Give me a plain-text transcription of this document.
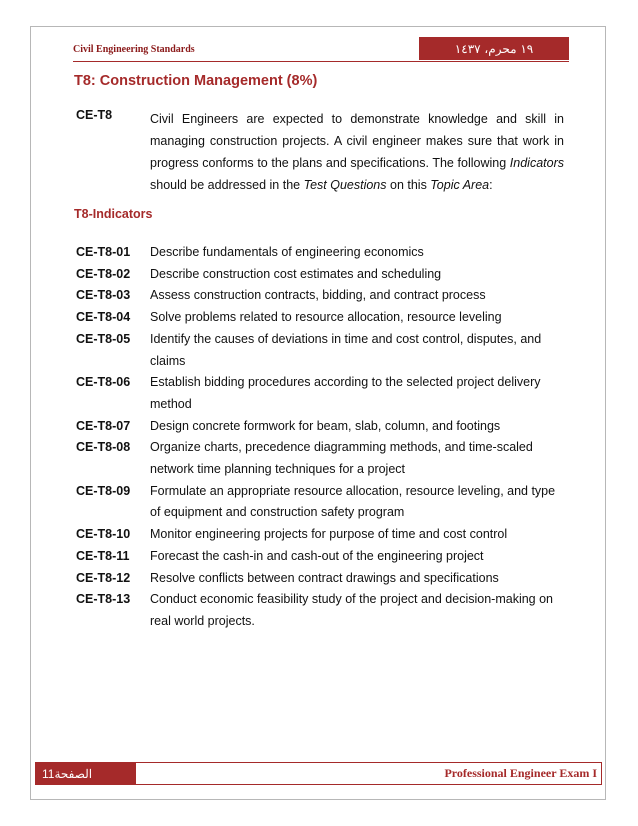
Civil Engineering Standards	١٩ محرم، ١٤٣٧
T8: Construction Management (8%)
CE-T8	Civil Engineers are expected to demonstrate knowledge and skill in managing construction projects. A civil engineer makes sure that work in progress conforms to the plans and specifications. The following Indicators should be addressed in the Test Questions on this Topic Area:
T8-Indicators
CE-T8-01	Describe fundamentals of engineering economics
CE-T8-02	Describe construction cost estimates and scheduling
CE-T8-03	Assess construction contracts, bidding, and contract process
CE-T8-04	Solve problems related to resource allocation, resource leveling
CE-T8-05	Identify the causes of deviations in time and cost control, disputes, and claims
CE-T8-06	Establish bidding procedures according to the selected project delivery method
CE-T8-07	Design concrete formwork for beam, slab, column, and footings
CE-T8-08	Organize charts, precedence diagramming methods, and time-scaled network time planning techniques for a project
CE-T8-09	Formulate an appropriate resource allocation, resource leveling, and type of equipment and construction safety program
CE-T8-10	Monitor engineering projects for purpose of time and cost control
CE-T8-11	Forecast the cash-in and cash-out of the engineering project
CE-T8-12	Resolve conflicts between contract drawings and specifications
CE-T8-13	Conduct economic feasibility study of the project and decision-making on real world projects.
11الصفحة	Professional Engineer Exam I
